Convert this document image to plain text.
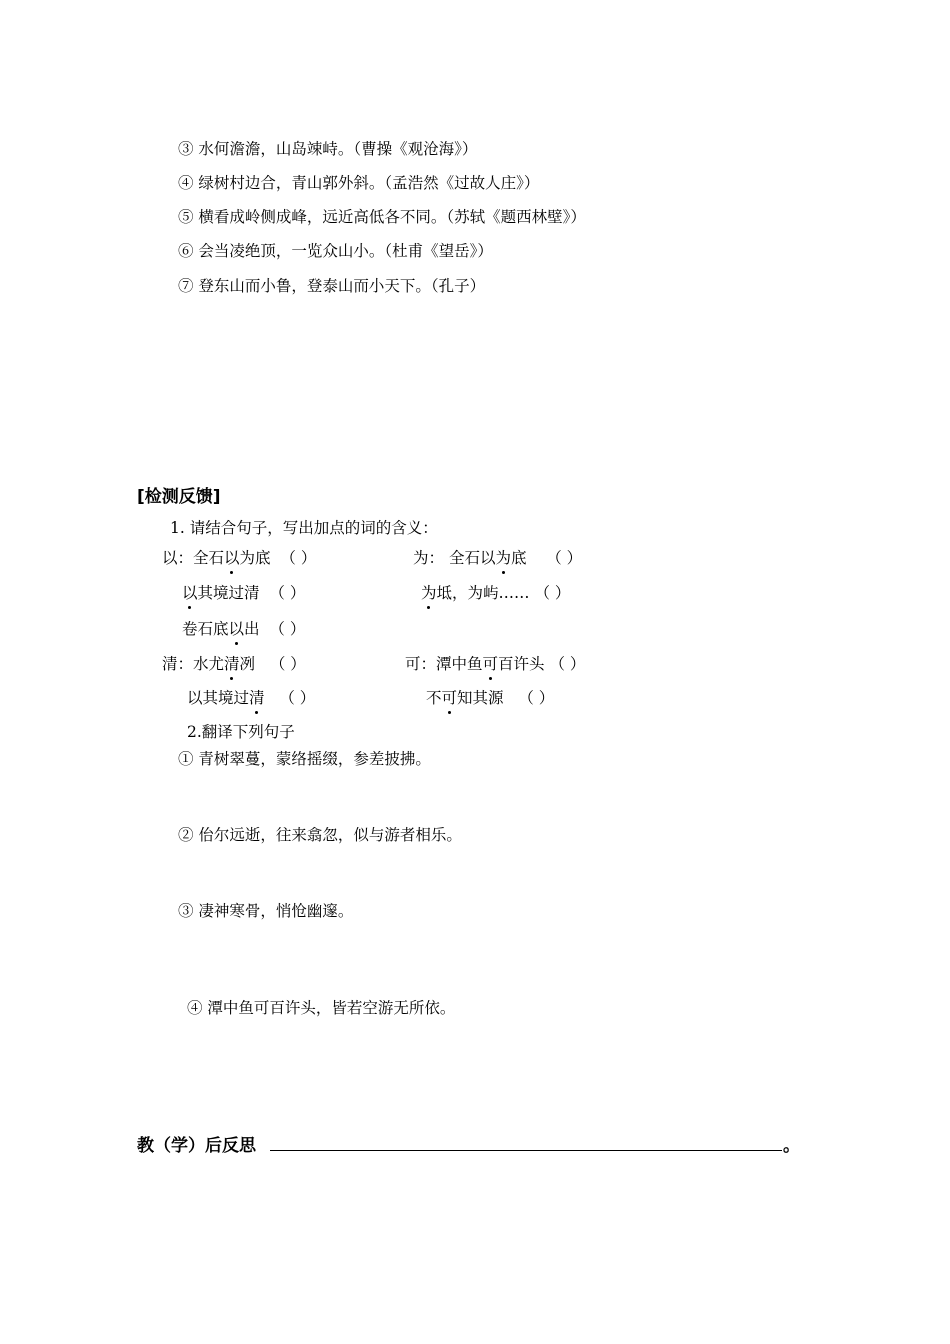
③ 水何澹澹，山岛竦峙。（曹操《观沧海》）
④ 绿树村边合，青山郭外斜。（孟浩然《过故人庄》）
⑤ 横看成岭侧成峰，远近高低各不同。（苏轼《题西林壁》）
⑥ 会当凌绝顶，一览众山小。（杜甫《望岳》）
⑦ 登东山而小鲁，登泰山而小天下。（孔子）
[检测反馈]
1. 请结合句子，写出加点的词的含义：
以：全石以为底 （ ）	为： 全石以为底 （ ）
以其境过清 （ ）	为坻，为屿…… （ ）
卷石底以出 （ ）
清：水尤清冽 （ ）	可：潭中鱼可百许头 （ ）
以其境过清 （ ）	不可知其源 （ ）
2.翻译下列句子
① 青树翠蔓，蒙络摇缀，参差披拂。
② 佁尔远逝，往来翕忽，似与游者相乐。
③ 凄神寒骨，悄怆幽邃。
④ 潭中鱼可百许头，皆若空游无所依。
教（学）后反思	。
